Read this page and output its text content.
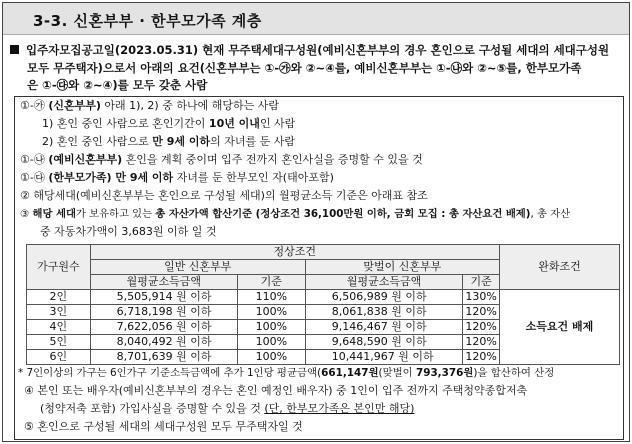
3-3. 신혼부부 · 한부모가족 계층
입주자모집공고일(2023.05.31) 현재 무주택세대구성원(예비신혼부부의 경우 혼인으로 구성될 세대의 세대구성원
모두 무주택자)으로서 아래의 요건(신혼부부는 ①-㉮와 ②~④를, 예비신혼부부는 ①-㉯와 ②~⑤를, 한부모가족
은 ①-㉰와 ②~④)를 모두 갖춘 사람
①-㉮ (신혼부부) 아래 1), 2) 중 하나에 해당하는 사람
1) 혼인 중인 사람으로 혼인기간이 10년 이내인 사람
2) 혼인 중인 사람으로 만 9세 이하의 자녀를 둔 사람
①-㉯ (예비신혼부부) 혼인을 계획 중이며 입주 전까지 혼인사실을 증명할 수 있을 것
①-㉰ (한부모가족) 만 9세 이하 자녀를 둔 한부모인 자(태아포함)
② 해당세대(예비신혼부부는 혼인으로 구성될 세대)의 월평균소득 기준은 아래표 참조
③ 해당 세대가 보유하고 있는 총 자산가액 합산기준 (정상조건 36,100만원 이하, 금회 모집 : 총 자산요건 배제), 총 자산
중 자동차가액이 3,683원 이하 일 것
가구원수	정상조건				완화조건
	일반 신혼부부		맞벌이 신혼부부		
	월평균소득금액	기준	월평균소득금액	기준	
2인	5,505,914 원 이하	110%	6,506,989 원 이하	130%	소득요건 배제
3인	6,718,198 원 이하	100%	8,061,838 원 이하	120%	
4인	7,622,056 원 이하	100%	9,146,467 원 이하	120%	
5인	8,040,492 원 이하	100%	9,648,590 원 이하	120%	
6인	8,701,639 원 이하	100%	10,441,967 원 이하	120%	
* 7인이상의 가구는 6인가구 기준소득금액에 추가 1인당 평균금액(661,147원(맞벌이 793,376원)을 합산하여 산정
④ 본인 또는 배우자(예비신혼부부의 경우는 혼인 예정인 배우자) 중 1인이 입주 전까지 주택청약종합저축
(청약저축 포함) 가입사실을 증명할 수 있을 것 (단, 한부모가족은 본인만 해당)
⑤ 혼인으로 구성될 세대의 세대구성원 모두 무주택자일 것
